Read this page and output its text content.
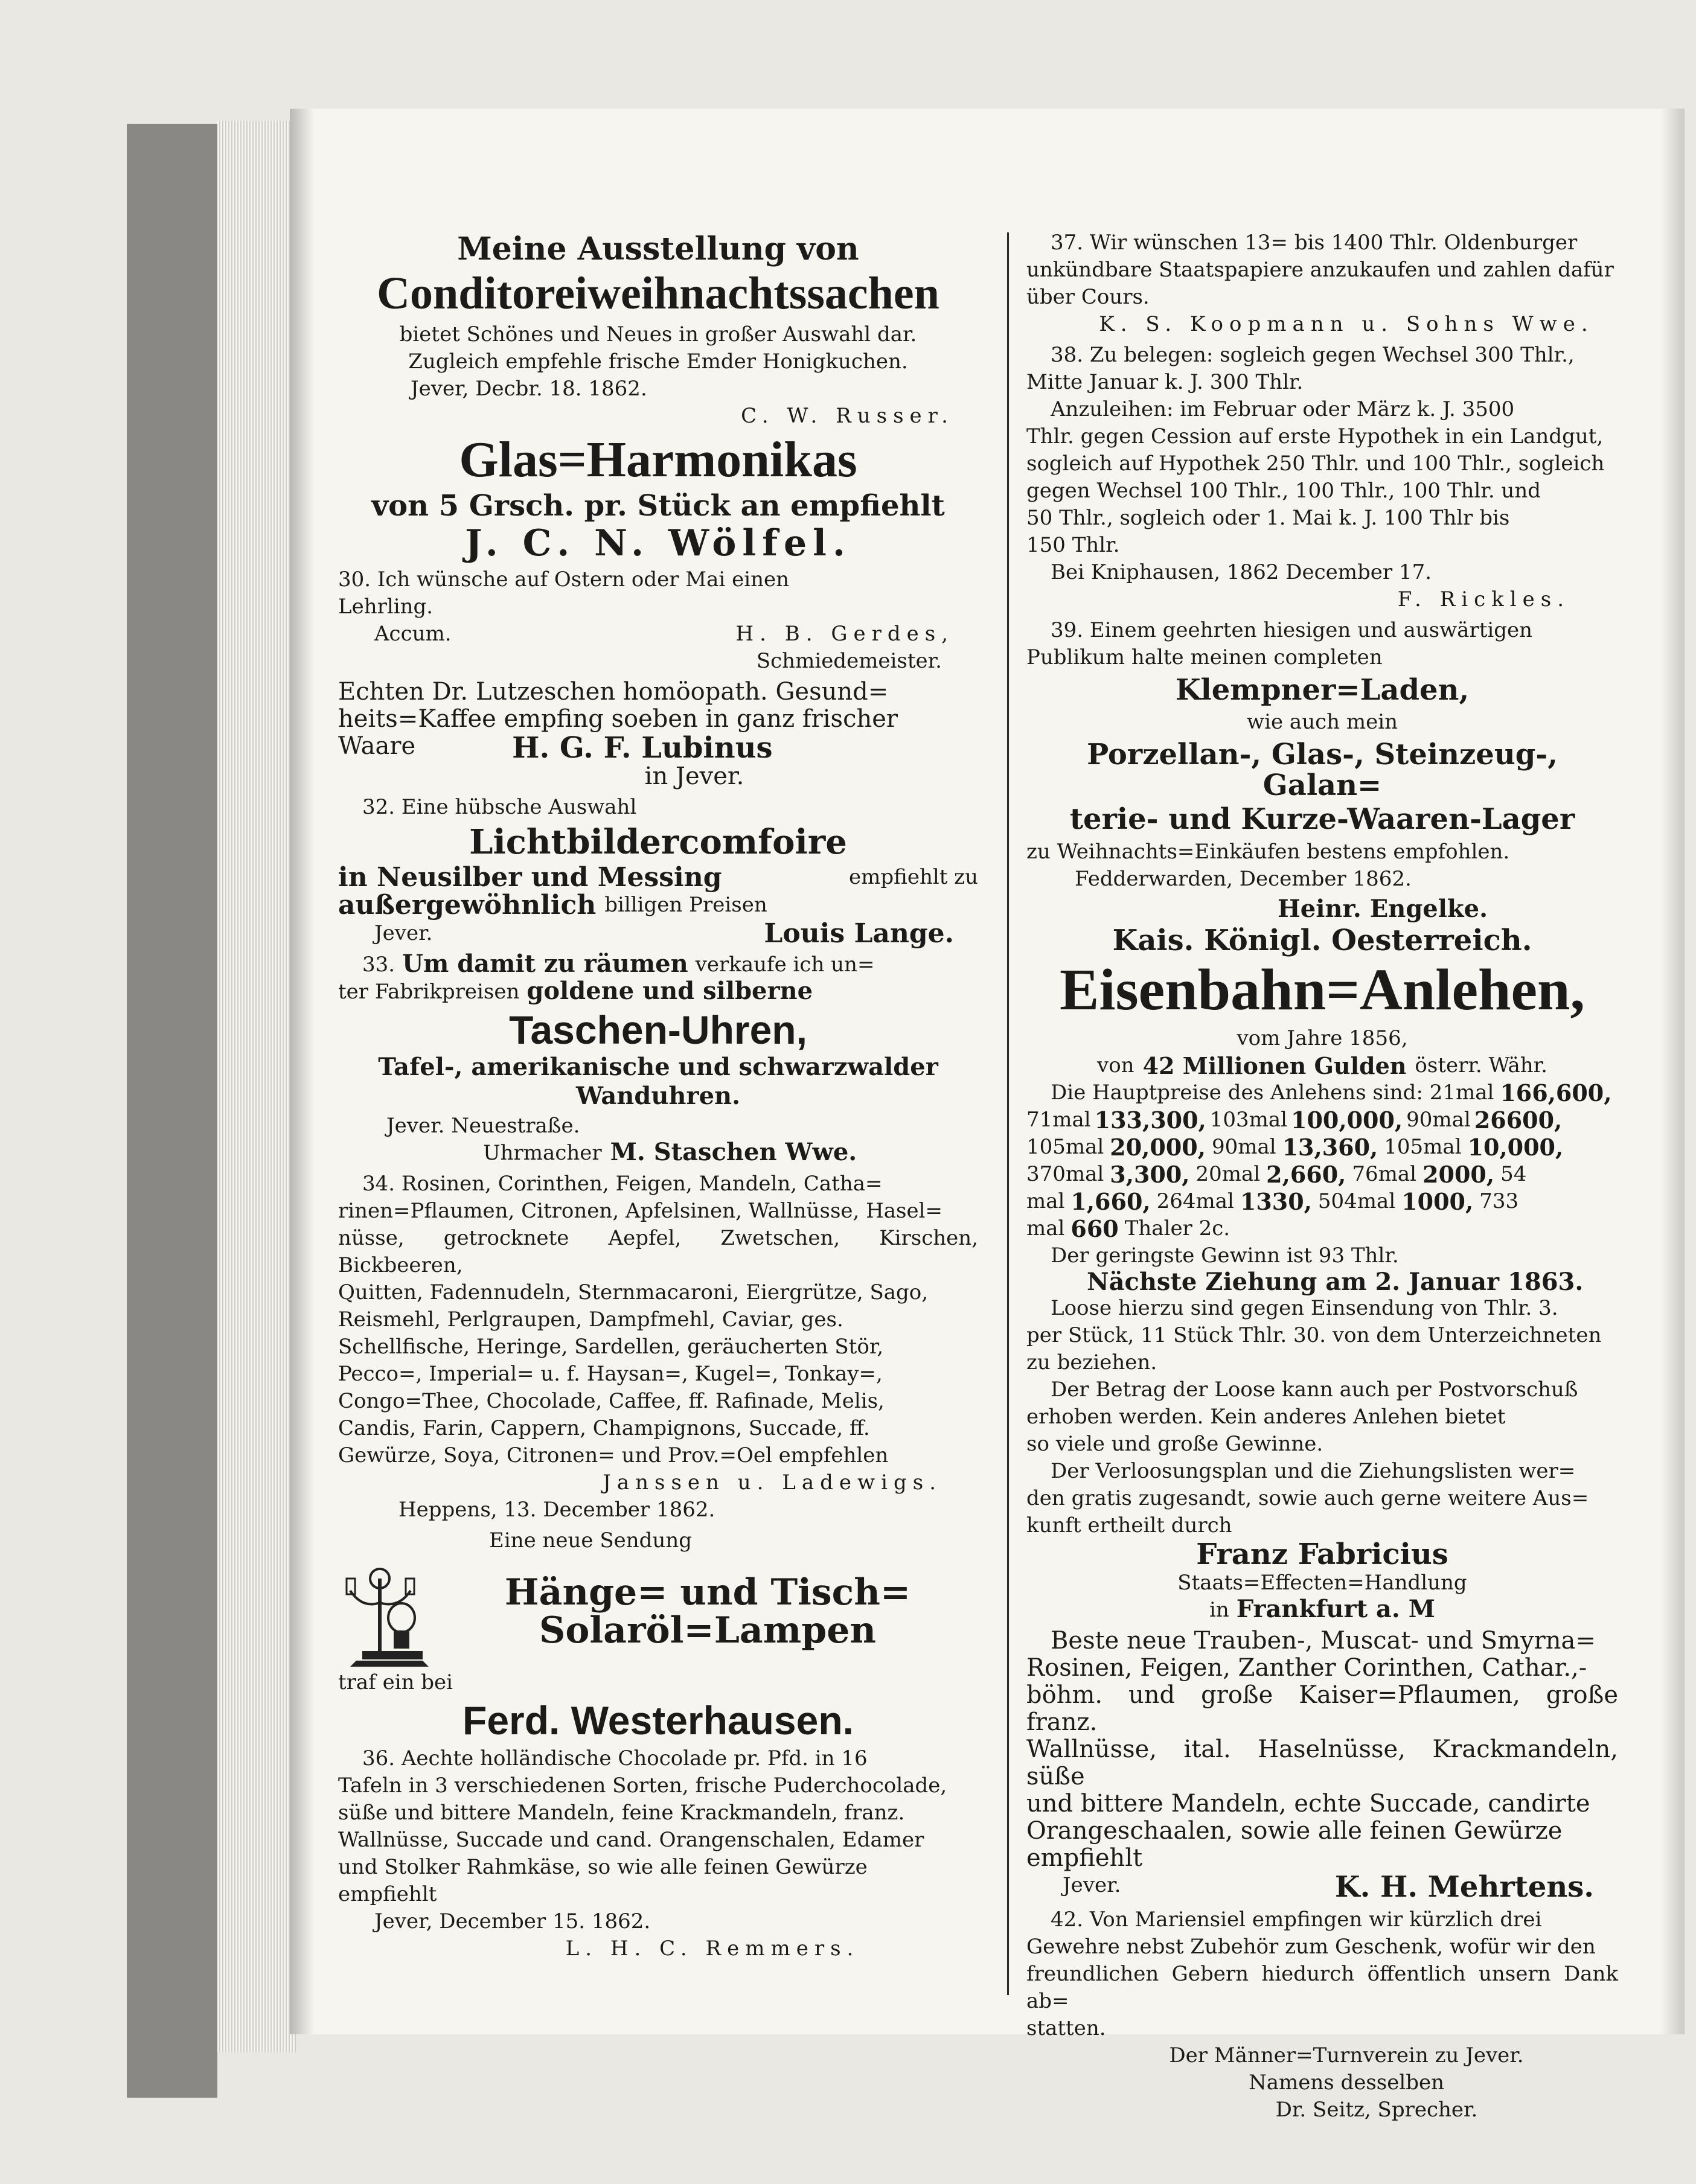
Meine Ausstellung von

Conditoreiweihnachtssachen

bietet Schönes und Neues in großer Auswahl dar.

Zugleich empfehle frische Emder Honigkuchen.

Jever, Decbr. 18. 1862.

C. W. Russer.

Glas=Harmonikas

von 5 Grsch. pr. Stück an empfiehlt

J. C. N. Wölfel.

30. Ich wünsche auf Ostern oder Mai einen

Lehrling.

Accum.	H. B. Gerdes,

Schmiedemeister.

Echten Dr. Lutzeschen homöopath. Gesund=

heits=Kaffee empfing soeben in ganz frischer

Waare	H. G. F. Lubinus

in Jever.

32. Eine hübsche Auswahl

Lichtbildercomfoire

in Neusilber und Messing	empfiehlt zu

außergewöhnlich billigen Preisen

Jever.	Louis Lange.

33. Um damit zu räumen verkaufe ich un=

ter Fabrikpreisen goldene und silberne

Taschen-Uhren,

Tafel-, amerikanische und schwarzwalder

Wanduhren.

Jever. Neuestraße.

Uhrmacher M. Staschen Wwe.

34. Rosinen, Corinthen, Feigen, Mandeln, Catha=

rinen=Pflaumen, Citronen, Apfelsinen, Wallnüsse, Hasel=

nüsse, getrocknete Aepfel, Zwetschen, Kirschen, Bickbeeren,

Quitten, Fadennudeln, Sternmacaroni, Eiergrütze, Sago,

Reismehl, Perlgraupen, Dampfmehl, Caviar, ges.

Schellfische, Heringe, Sardellen, geräucherten Stör,

Pecco=, Imperial= u. f. Haysan=, Kugel=, Tonkay=,

Congo=Thee, Chocolade, Caffee, ff. Rafinade, Melis,

Candis, Farin, Cappern, Champignons, Succade, ff.

Gewürze, Soya, Citronen= und Prov.=Oel empfehlen

Janssen u. Ladewigs.

Heppens, 13. December 1862.

Eine neue Sendung

Hänge= und Tisch=

Solaröl=Lampen

traf ein bei

Ferd. Westerhausen.

36. Aechte holländische Chocolade pr. Pfd. in 16

Tafeln in 3 verschiedenen Sorten, frische Puderchocolade,

süße und bittere Mandeln, feine Krackmandeln, franz.

Wallnüsse, Succade und cand. Orangenschalen, Edamer

und Stolker Rahmkäse, so wie alle feinen Gewürze

empfiehlt

Jever, December 15. 1862.

L. H. C. Remmers.

37. Wir wünschen 13= bis 1400 Thlr. Oldenburger

unkündbare Staatspapiere anzukaufen und zahlen dafür

über Cours.

K. S. Koopmann u. Sohns Wwe.

38. Zu belegen: sogleich gegen Wechsel 300 Thlr.,

Mitte Januar k. J. 300 Thlr.

Anzuleihen: im Februar oder März k. J. 3500

Thlr. gegen Cession auf erste Hypothek in ein Landgut,

sogleich auf Hypothek 250 Thlr. und 100 Thlr., sogleich

gegen Wechsel 100 Thlr., 100 Thlr., 100 Thlr. und

50 Thlr., sogleich oder 1. Mai k. J. 100 Thlr bis

150 Thlr.

Bei Kniphausen, 1862 December 17.

F. Rickles.

39. Einem geehrten hiesigen und auswärtigen

Publikum halte meinen completen

Klempner=Laden,

wie auch mein

Porzellan-, Glas-, Steinzeug-, Galan=

terie- und Kurze-Waaren-Lager

zu Weihnachts=Einkäufen bestens empfohlen.

Fedderwarden, December 1862.

Heinr. Engelke.

Kais. Königl. Oesterreich.

Eisenbahn=Anlehen,

vom Jahre 1856,

von 42 Millionen Gulden österr. Währ.

Die Hauptpreise des Anlehens sind: 21mal 166,600,

71mal 133,300, 103mal 100,000, 90mal 26600,

105mal 20,000, 90mal 13,360, 105mal 10,000,

370mal 3,300, 20mal 2,660, 76mal 2000, 54

mal 1,660, 264mal 1330, 504mal 1000, 733

mal 660 Thaler 2c.

Der geringste Gewinn ist 93 Thlr.

Nächste Ziehung am 2. Januar 1863.

Loose hierzu sind gegen Einsendung von Thlr. 3.

per Stück, 11 Stück Thlr. 30. von dem Unterzeichneten

zu beziehen.

Der Betrag der Loose kann auch per Postvorschuß

erhoben werden. Kein anderes Anlehen bietet

so viele und große Gewinne.

Der Verloosungsplan und die Ziehungslisten wer=

den gratis zugesandt, sowie auch gerne weitere Aus=

kunft ertheilt durch

Franz Fabricius

Staats=Effecten=Handlung

in Frankfurt a. M

Beste neue Trauben-, Muscat- und Smyrna=

Rosinen, Feigen, Zanther Corinthen, Cathar.,-

böhm. und große Kaiser=Pflaumen, große franz.

Wallnüsse, ital. Haselnüsse, Krackmandeln, süße

und bittere Mandeln, echte Succade, candirte

Orangeschaalen, sowie alle feinen Gewürze

empfiehlt

Jever.	K. H. Mehrtens.

42. Von Mariensiel empfingen wir kürzlich drei

Gewehre nebst Zubehör zum Geschenk, wofür wir den

freundlichen Gebern hiedurch öffentlich unsern Dank ab=

statten.

Der Männer=Turnverein zu Jever.

Namens desselben

Dr. Seitz, Sprecher.
